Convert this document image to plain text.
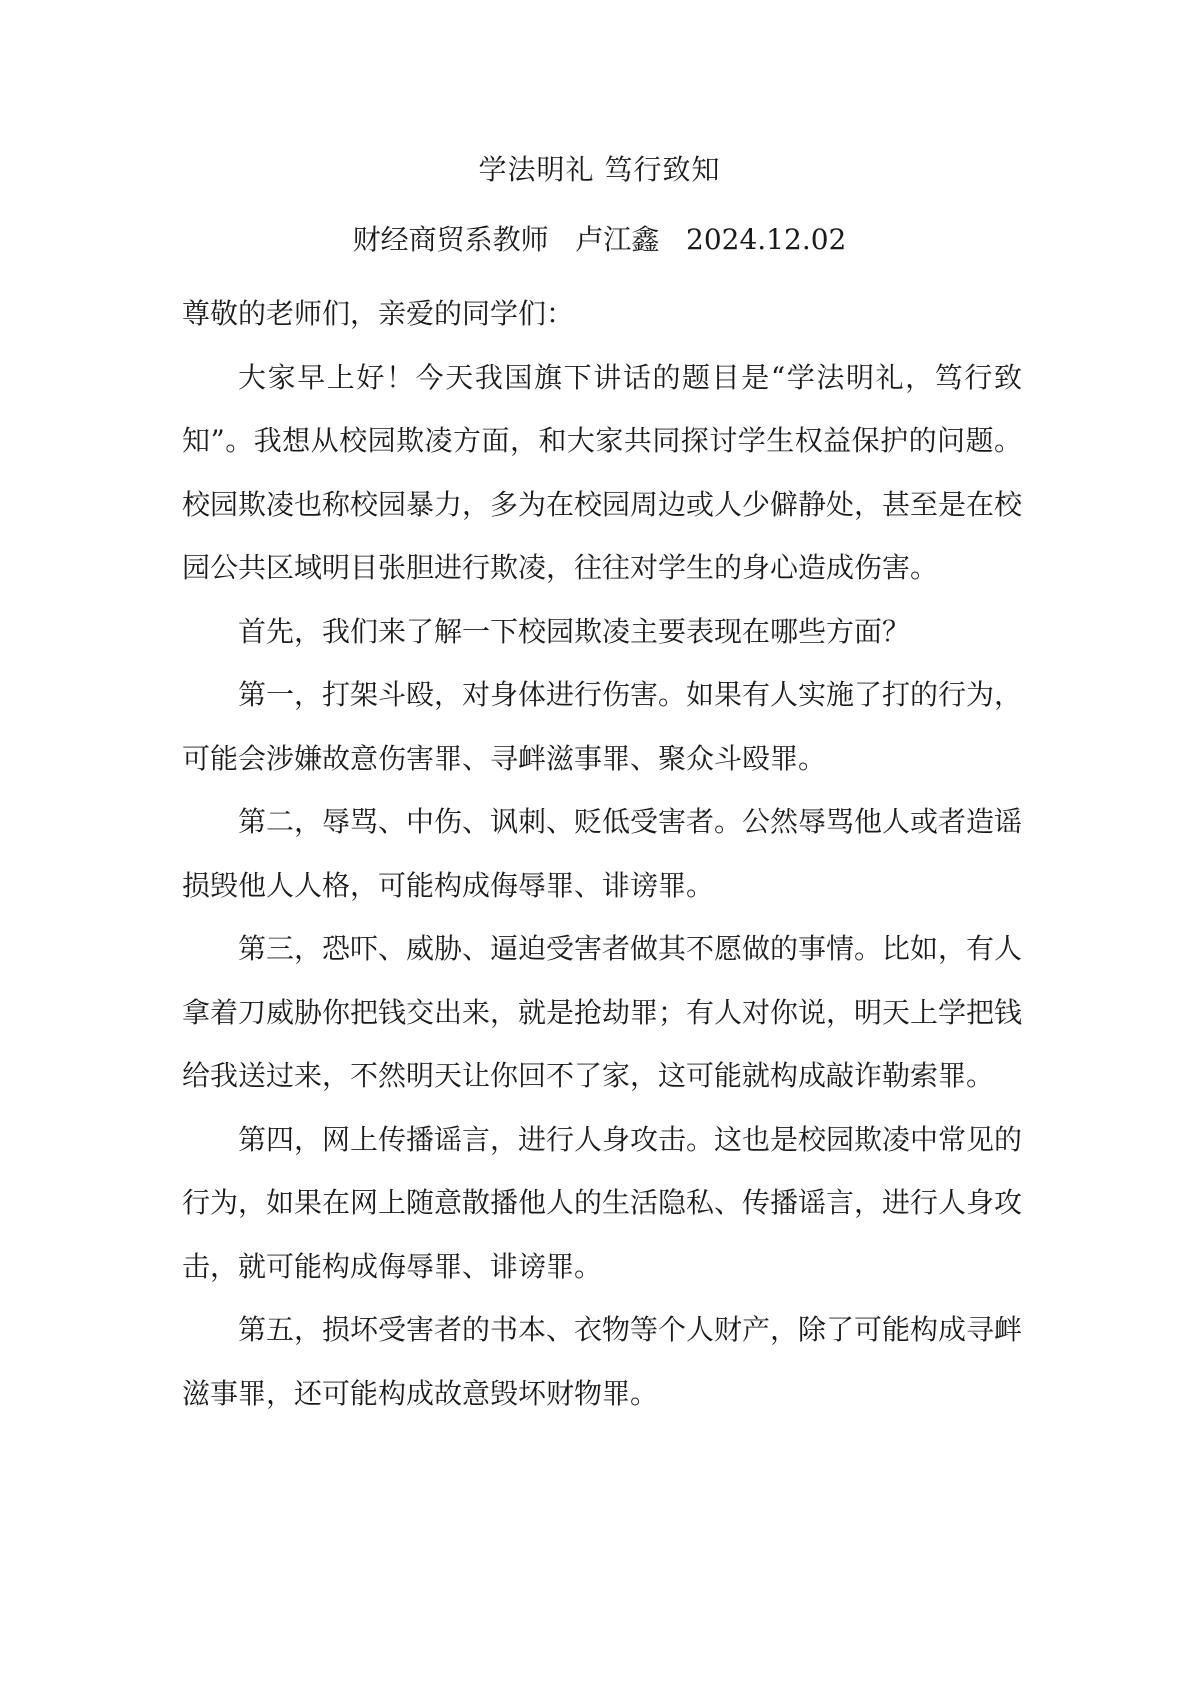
学法明礼 笃行致知
财经商贸系教师   卢江鑫   2024.12.02

尊敬的老师们，亲爱的同学们：

大家早上好！今天我国旗下讲话的题目是“学法明礼，笃行致知”。我想从校园欺凌方面，和大家共同探讨学生权益保护的问题。校园欺凌也称校园暴力，多为在校园周边或人少僻静处，甚至是在校园公共区域明目张胆进行欺凌，往往对学生的身心造成伤害。

首先，我们来了解一下校园欺凌主要表现在哪些方面？

第一，打架斗殴，对身体进行伤害。如果有人实施了打的行为，可能会涉嫌故意伤害罪、寻衅滋事罪、聚众斗殴罪。

第二，辱骂、中伤、讽刺、贬低受害者。公然辱骂他人或者造谣损毁他人人格，可能构成侮辱罪、诽谤罪。

第三，恐吓、威胁、逼迫受害者做其不愿做的事情。比如，有人拿着刀威胁你把钱交出来，就是抢劫罪；有人对你说，明天上学把钱给我送过来，不然明天让你回不了家，这可能就构成敲诈勒索罪。

第四，网上传播谣言，进行人身攻击。这也是校园欺凌中常见的行为，如果在网上随意散播他人的生活隐私、传播谣言，进行人身攻击，就可能构成侮辱罪、诽谤罪。

第五，损坏受害者的书本、衣物等个人财产，除了可能构成寻衅滋事罪，还可能构成故意毁坏财物罪。
